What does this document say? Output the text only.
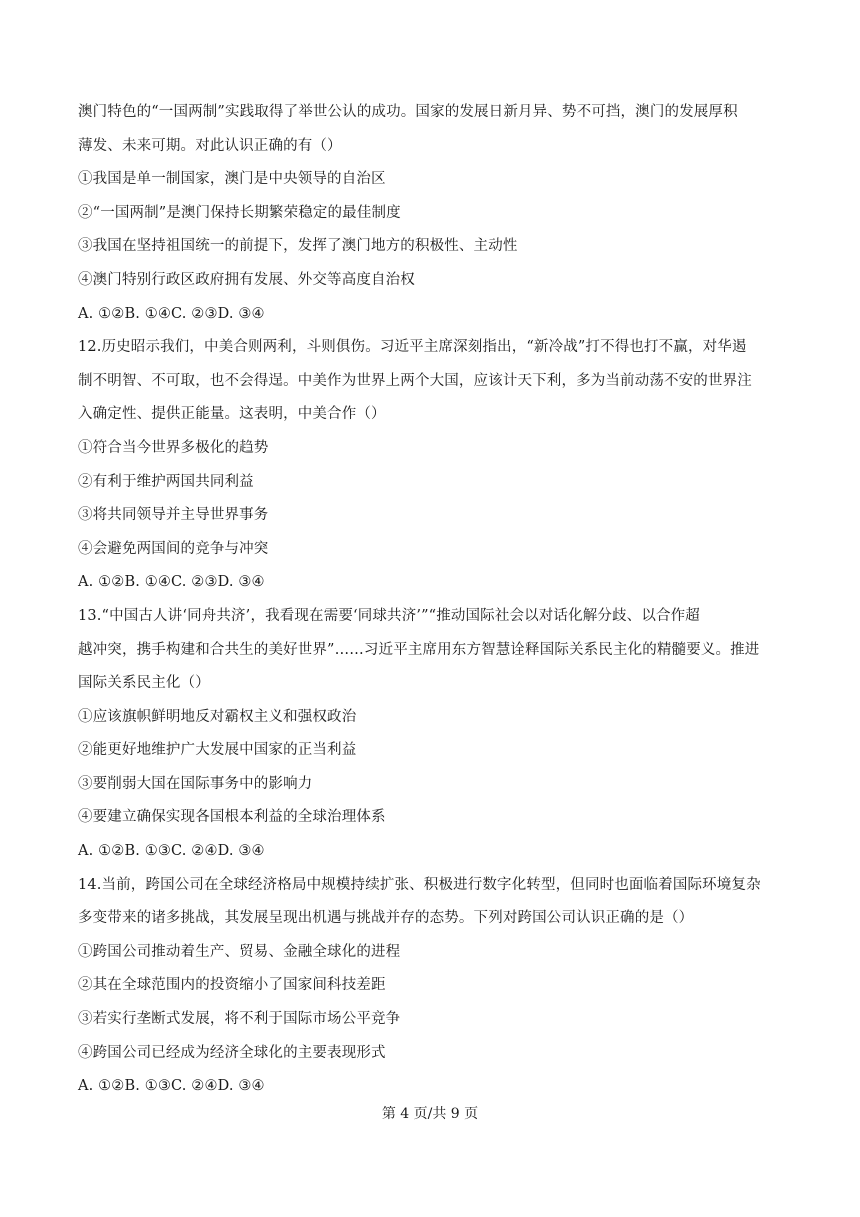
澳门特色的“一国两制”实践取得了举世公认的成功。国家的发展日新月异、势不可挡，澳门的发展厚积
薄发、未来可期。对此认识正确的有（）
①我国是单一制国家，澳门是中央领导的自治区
②“一国两制”是澳门保持长期繁荣稳定的最佳制度
③我国在坚持祖国统一的前提下，发挥了澳门地方的积极性、主动性
④澳门特别行政区政府拥有发展、外交等高度自治权
A. ①②B. ①④C. ②③D. ③④
12.历史昭示我们，中美合则两利，斗则俱伤。习近平主席深刻指出，“新冷战”打不得也打不赢，对华遏
制不明智、不可取，也不会得逞。中美作为世界上两个大国，应该计天下利，多为当前动荡不安的世界注
入确定性、提供正能量。这表明，中美合作（）
①符合当今世界多极化的趋势
②有利于维护两国共同利益
③将共同领导并主导世界事务
④会避免两国间的竞争与冲突
A. ①②B. ①④C. ②③D. ③④
13.“中国古人讲‘同舟共济’，我看现在需要‘同球共济’”“推动国际社会以对话化解分歧、以合作超
越冲突，携手构建和合共生的美好世界”……习近平主席用东方智慧诠释国际关系民主化的精髓要义。推进
国际关系民主化（）
①应该旗帜鲜明地反对霸权主义和强权政治
②能更好地维护广大发展中国家的正当利益
③要削弱大国在国际事务中的影响力
④要建立确保实现各国根本利益的全球治理体系
A. ①②B. ①③C. ②④D. ③④
14.当前，跨国公司在全球经济格局中规模持续扩张、积极进行数字化转型，但同时也面临着国际环境复杂
多变带来的诸多挑战，其发展呈现出机遇与挑战并存的态势。下列对跨国公司认识正确的是（）
①跨国公司推动着生产、贸易、金融全球化的进程
②其在全球范围内的投资缩小了国家间科技差距
③若实行垄断式发展，将不利于国际市场公平竞争
④跨国公司已经成为经济全球化的主要表现形式
A. ①②B. ①③C. ②④D. ③④
第 4 页/共 9 页
